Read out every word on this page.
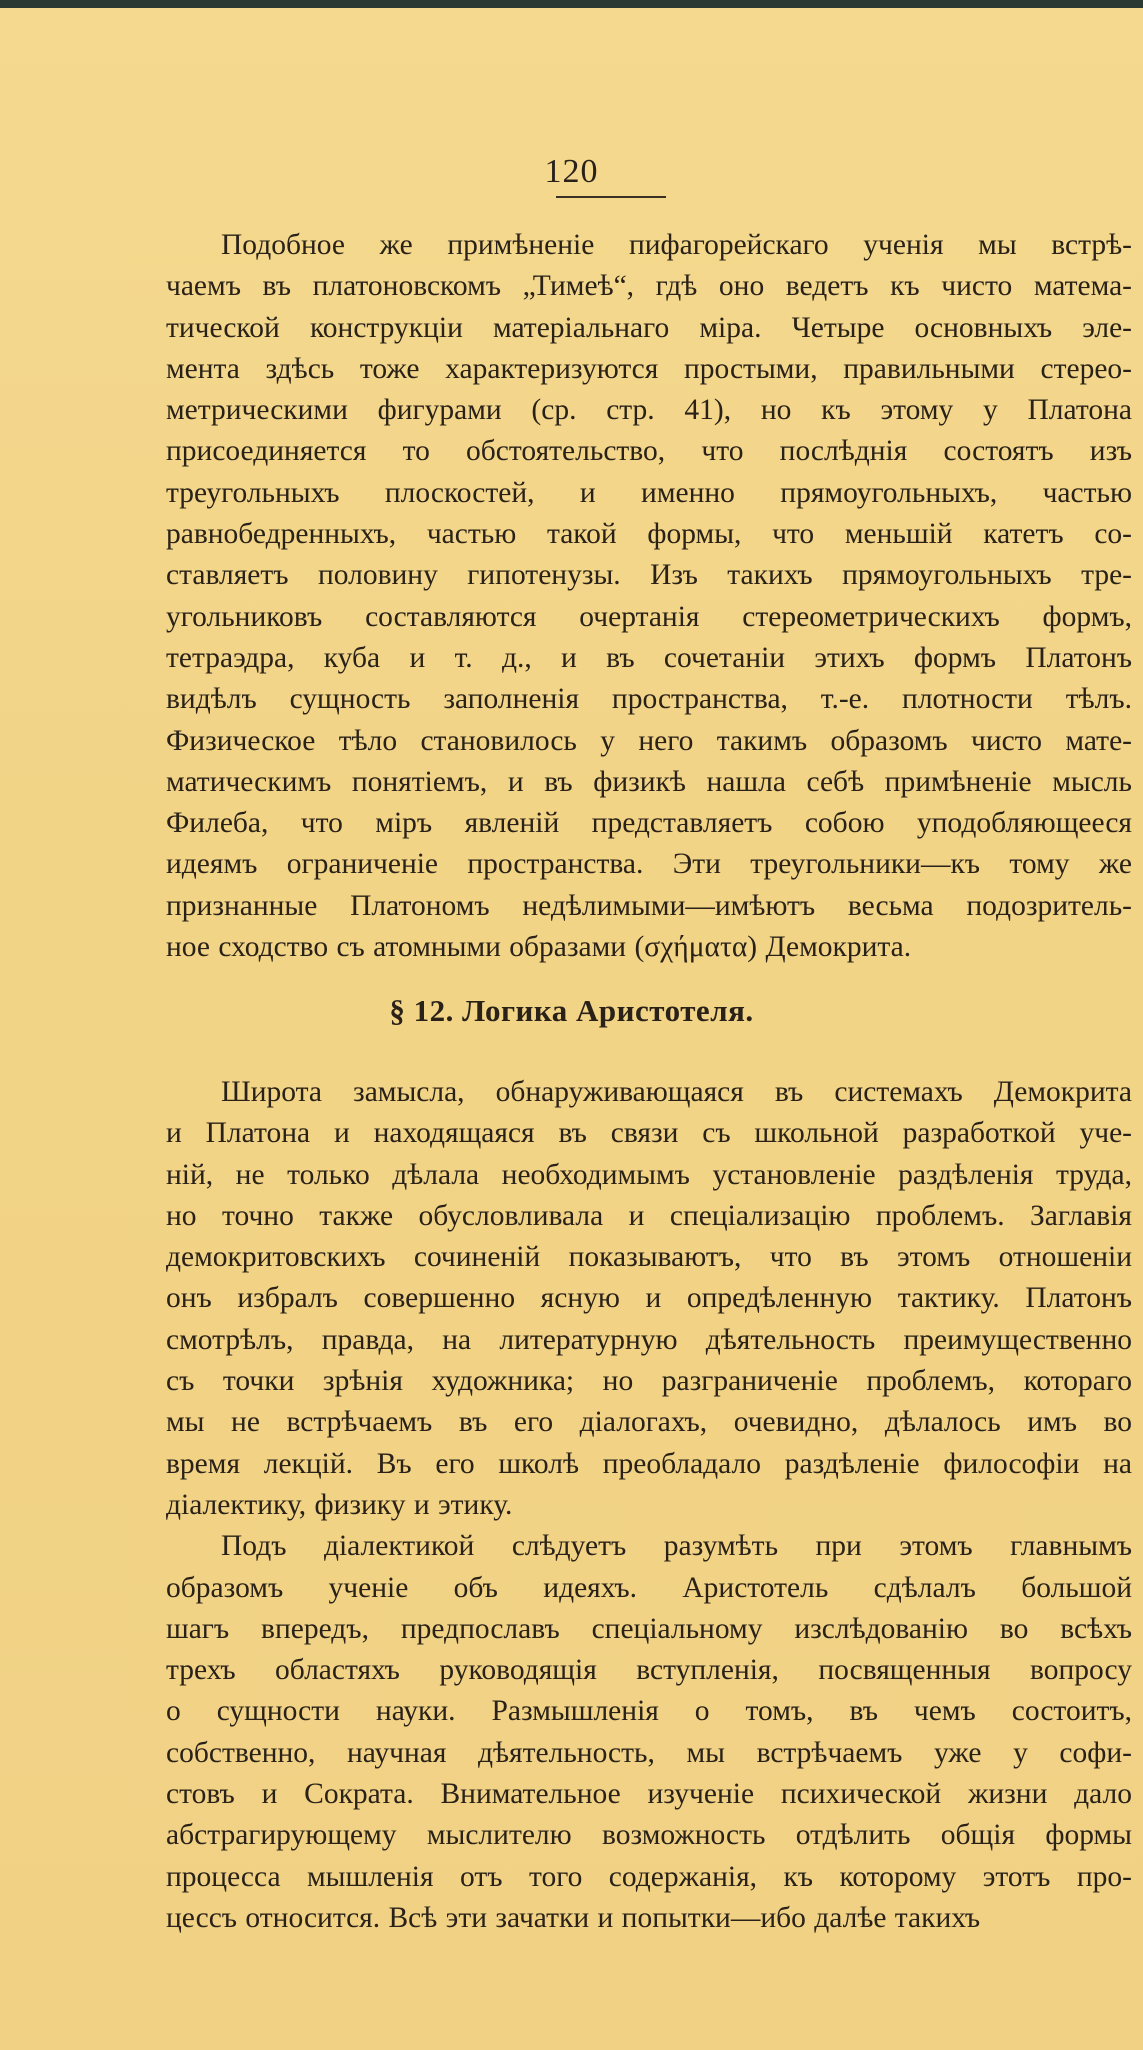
120

Подобное же примѣненіе пифагорейскаго ученія мы встрѣ-
чаемъ въ платоновскомъ „Тимеѣ“, гдѣ оно ведетъ къ чисто матема-
тической конструкціи матеріальнаго міра. Четыре основныхъ эле-
мента здѣсь тоже характеризуются простыми, правильными стерео-
метрическими фигурами (ср. стр. 41), но къ этому у Платона
присоединяется то обстоятельство, что послѣднія состоятъ изъ
треугольныхъ плоскостей, и именно прямоугольныхъ, частью
равнобедренныхъ, частью такой формы, что меньшій катетъ со-
ставляетъ половину гипотенузы. Изъ такихъ прямоугольныхъ тре-
угольниковъ составляются очертанія стереометрическихъ формъ,
тетраэдра, куба и т. д., и въ сочетаніи этихъ формъ Платонъ
видѣлъ сущность заполненія пространства, т.-е. плотности тѣлъ.
Физическое тѣло становилось у него такимъ образомъ чисто мате-
матическимъ понятіемъ, и въ физикѣ нашла себѣ примѣненіе мысль
Филеба, что міръ явленій представляетъ собою уподобляющееся
идеямъ ограниченіе пространства. Эти треугольники—къ тому же
признанные Платономъ недѣлимыми—имѣютъ весьма подозритель-
ное сходство съ атомными образами (σχήματα) Демокрита.

§ 12. Логика Аристотеля.

Широта замысла, обнаруживающаяся въ системахъ Демокрита
и Платона и находящаяся въ связи съ школьной разработкой уче-
ній, не только дѣлала необходимымъ установленіе раздѣленія труда,
но точно также обусловливала и спеціализацію проблемъ. Заглавія
демокритовскихъ сочиненій показываютъ, что въ этомъ отношеніи
онъ избралъ совершенно ясную и опредѣленную тактику. Платонъ
смотрѣлъ, правда, на литературную дѣятельность преимущественно
съ точки зрѣнія художника; но разграниченіе проблемъ, котораго
мы не встрѣчаемъ въ его діалогахъ, очевидно, дѣлалось имъ во
время лекцій. Въ его школѣ преобладало раздѣленіе философіи на
діалектику, физику и этику.

Подъ діалектикой слѣдуетъ разумѣть при этомъ главнымъ
образомъ ученіе объ идеяхъ. Аристотель сдѣлалъ большой
шагъ впередъ, предпославъ спеціальному изслѣдованію во всѣхъ
трехъ областяхъ руководящія вступленія, посвященныя вопросу
о сущности науки. Размышленія о томъ, въ чемъ состоитъ,
собственно, научная дѣятельность, мы встрѣчаемъ уже у софи-
стовъ и Сократа. Внимательное изученіе психической жизни дало
абстрагирующему мыслителю возможность отдѣлить общія формы
процесса мышленія отъ того содержанія, къ которому этотъ про-
цессъ относится. Всѣ эти зачатки и попытки—ибо далѣе такихъ
